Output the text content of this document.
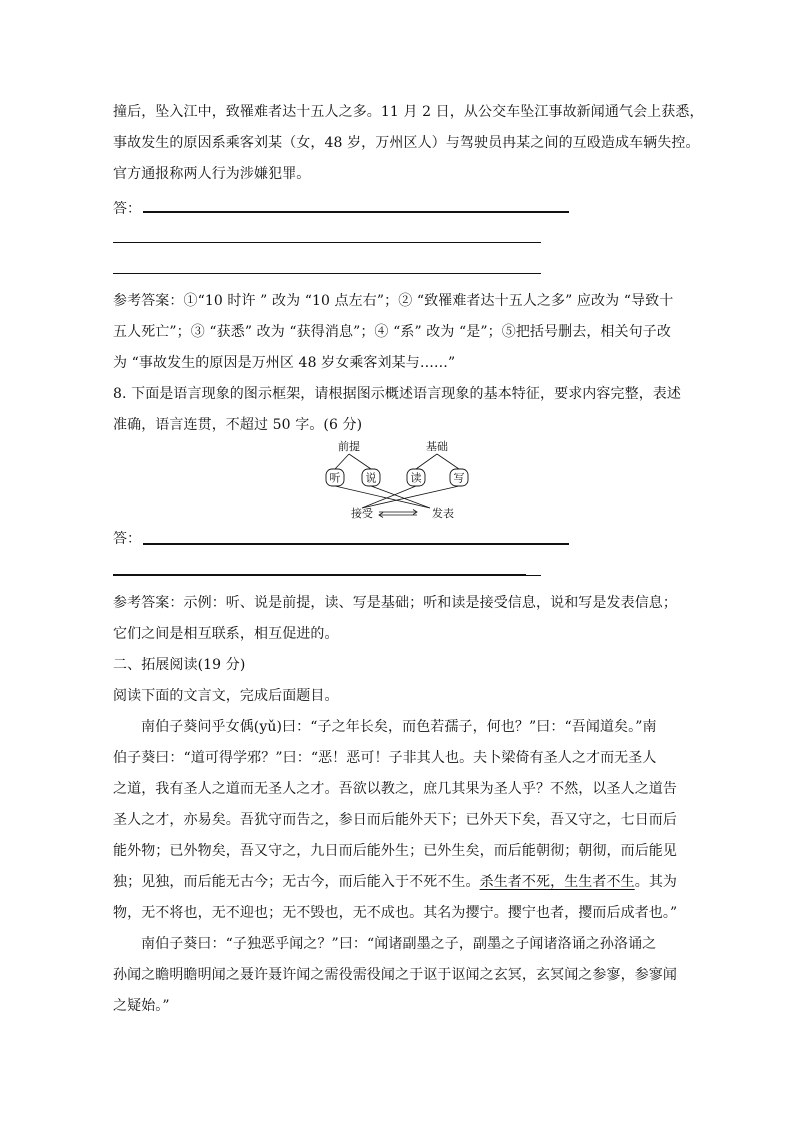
撞后，坠入江中，致罹难者达十五人之多。11 月 2 日，从公交车坠江事故新闻通气会上获悉，
事故发生的原因系乘客刘某（女，48 岁，万州区人）与驾驶员冉某之间的互殴造成车辆失控。
官方通报称两人行为涉嫌犯罪。
答：
参考答案：①“10 时许 ” 改为 “10 点左右”；② “致罹难者达十五人之多” 应改为 “导致十
五人死亡”；③ “获悉” 改为 “获得消息”；④ “系” 改为 “是”；⑤把括号删去，相关句子改
为 “事故发生的原因是万州区 48 岁女乘客刘某与……”
8. 下面是语言现象的图示框架，请根据图示概述语言现象的基本特征，要求内容完整，表述
准确，语言连贯，不超过 50 字。(6 分)
前提	基础
听 说	读	写
接受	发表
答：
参考答案：示例：听、说是前提，读、写是基础；听和读是接受信息，说和写是发表信息；
它们之间是相互联系，相互促进的。
二、拓展阅读(19 分)
阅读下面的文言文，完成后面题目。
南伯子葵问乎女偊(yǔ)曰：“子之年长矣，而色若孺子，何也？”曰：“吾闻道矣。”南
伯子葵曰：“道可得学邪？”曰：“恶！恶可！子非其人也。夫卜梁倚有圣人之才而无圣人
之道，我有圣人之道而无圣人之才。吾欲以教之，庶几其果为圣人乎？不然，以圣人之道告
圣人之才，亦易矣。吾犹守而告之，参日而后能外天下；已外天下矣，吾又守之，七日而后
能外物；已外物矣，吾又守之，九日而后能外生；已外生矣，而后能朝彻；朝彻，而后能见
独；见独，而后能无古今；无古今，而后能入于不死不生。杀生者不死，生生者不生。其为
物，无不将也，无不迎也；无不毁也，无不成也。其名为撄宁。撄宁也者，撄而后成者也。”
南伯子葵曰：“子独恶乎闻之？”曰：“闻诸副墨之子，副墨之子闻诸洛诵之孙洛诵之
孙闻之瞻明瞻明闻之聂许聂许闻之需役需役闻之于讴于讴闻之玄冥，玄冥闻之参寥，参寥闻
之疑始。”
